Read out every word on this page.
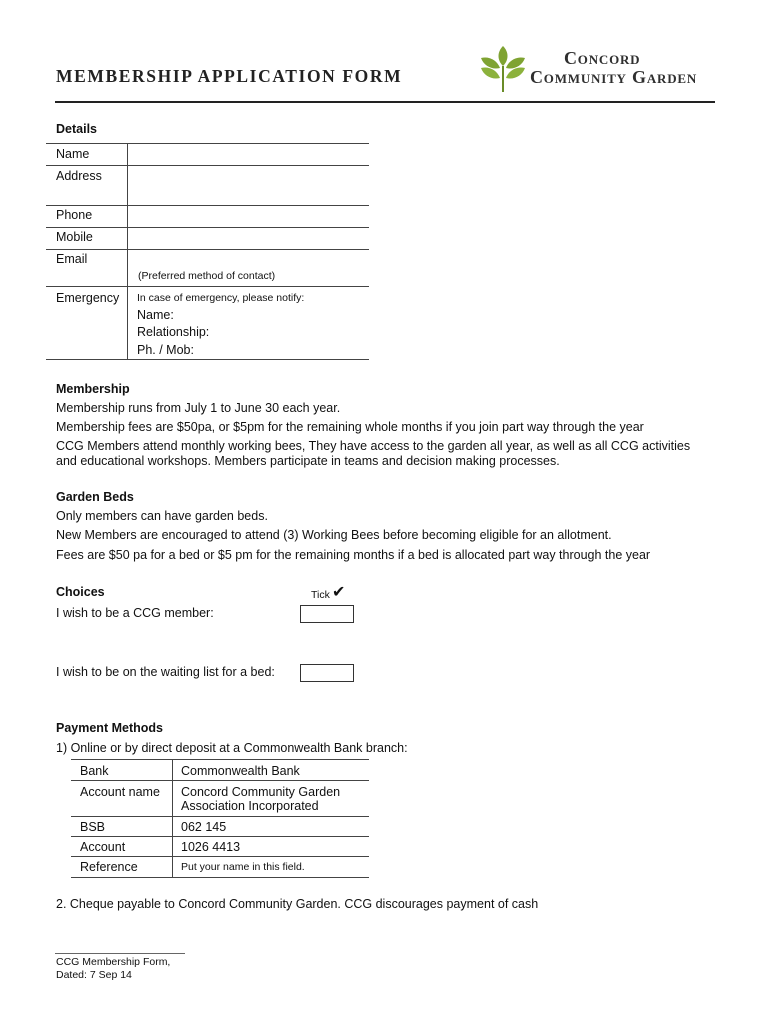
MEMBERSHIP APPLICATION FORM
Concord
Community Garden
Details
Name
Address
Phone
Mobile
Email
(Preferred method of contact)
Emergency In case of emergency, please notify:
Name:
Relationship:
Ph. / Mob:
Membership
Membership runs from July 1 to June 30 each year.
Membership fees are $50pa, or $5pm for the remaining whole months if you join part way through the year
CCG Members attend monthly working bees, They have access to the garden all year, as well as all CCG activities
and educational workshops. Members participate in teams and decision making processes.
Garden Beds
Only members can have garden beds.
New Members are encouraged to attend (3) Working Bees before becoming eligible for an allotment.
Fees are $50 pa for a bed or $5 pm for the remaining months if a bed is allocated part way through the year
Choices	Tick ✔
I wish to be a CCG member:
I wish to be on the waiting list for a bed:
Payment Methods
1) Online or by direct deposit at a Commonwealth Bank branch:
Bank	Commonwealth Bank
Account name Concord Community Garden
Association Incorporated
BSB	062 145
Account	1026 4413
Reference	Put your name in this field.
2. Cheque payable to Concord Community Garden. CCG discourages payment of cash
CCG Membership Form,
Dated: 7 Sep 14
